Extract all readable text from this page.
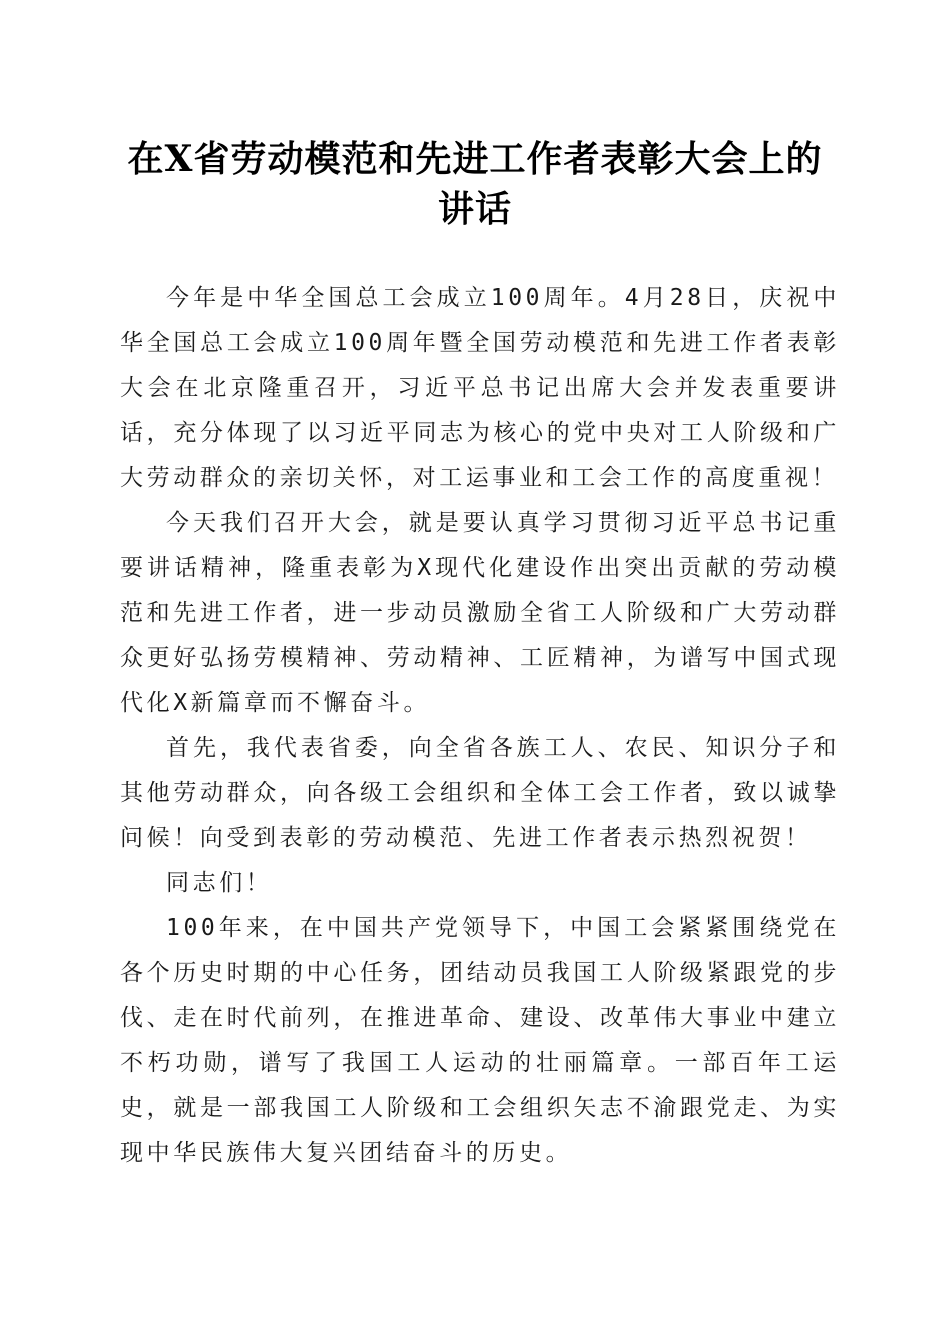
在X省劳动模范和先进工作者表彰大会上的
讲话

今年是中华全国总工会成立100周年。4月28日，庆祝中华全国总工会成立100周年暨全国劳动模范和先进工作者表彰大会在北京隆重召开，习近平总书记出席大会并发表重要讲话，充分体现了以习近平同志为核心的党中央对工人阶级和广大劳动群众的亲切关怀，对工运事业和工会工作的高度重视！

今天我们召开大会，就是要认真学习贯彻习近平总书记重要讲话精神，隆重表彰为X现代化建设作出突出贡献的劳动模范和先进工作者，进一步动员激励全省工人阶级和广大劳动群众更好弘扬劳模精神、劳动精神、工匠精神，为谱写中国式现代化X新篇章而不懈奋斗。

首先，我代表省委，向全省各族工人、农民、知识分子和其他劳动群众，向各级工会组织和全体工会工作者，致以诚挚问候！向受到表彰的劳动模范、先进工作者表示热烈祝贺！

同志们！

100年来，在中国共产党领导下，中国工会紧紧围绕党在各个历史时期的中心任务，团结动员我国工人阶级紧跟党的步伐、走在时代前列，在推进革命、建设、改革伟大事业中建立不朽功勋，谱写了我国工人运动的壮丽篇章。一部百年工运史，就是一部我国工人阶级和工会组织矢志不渝跟党走、为实现中华民族伟大复兴团结奋斗的历史。
